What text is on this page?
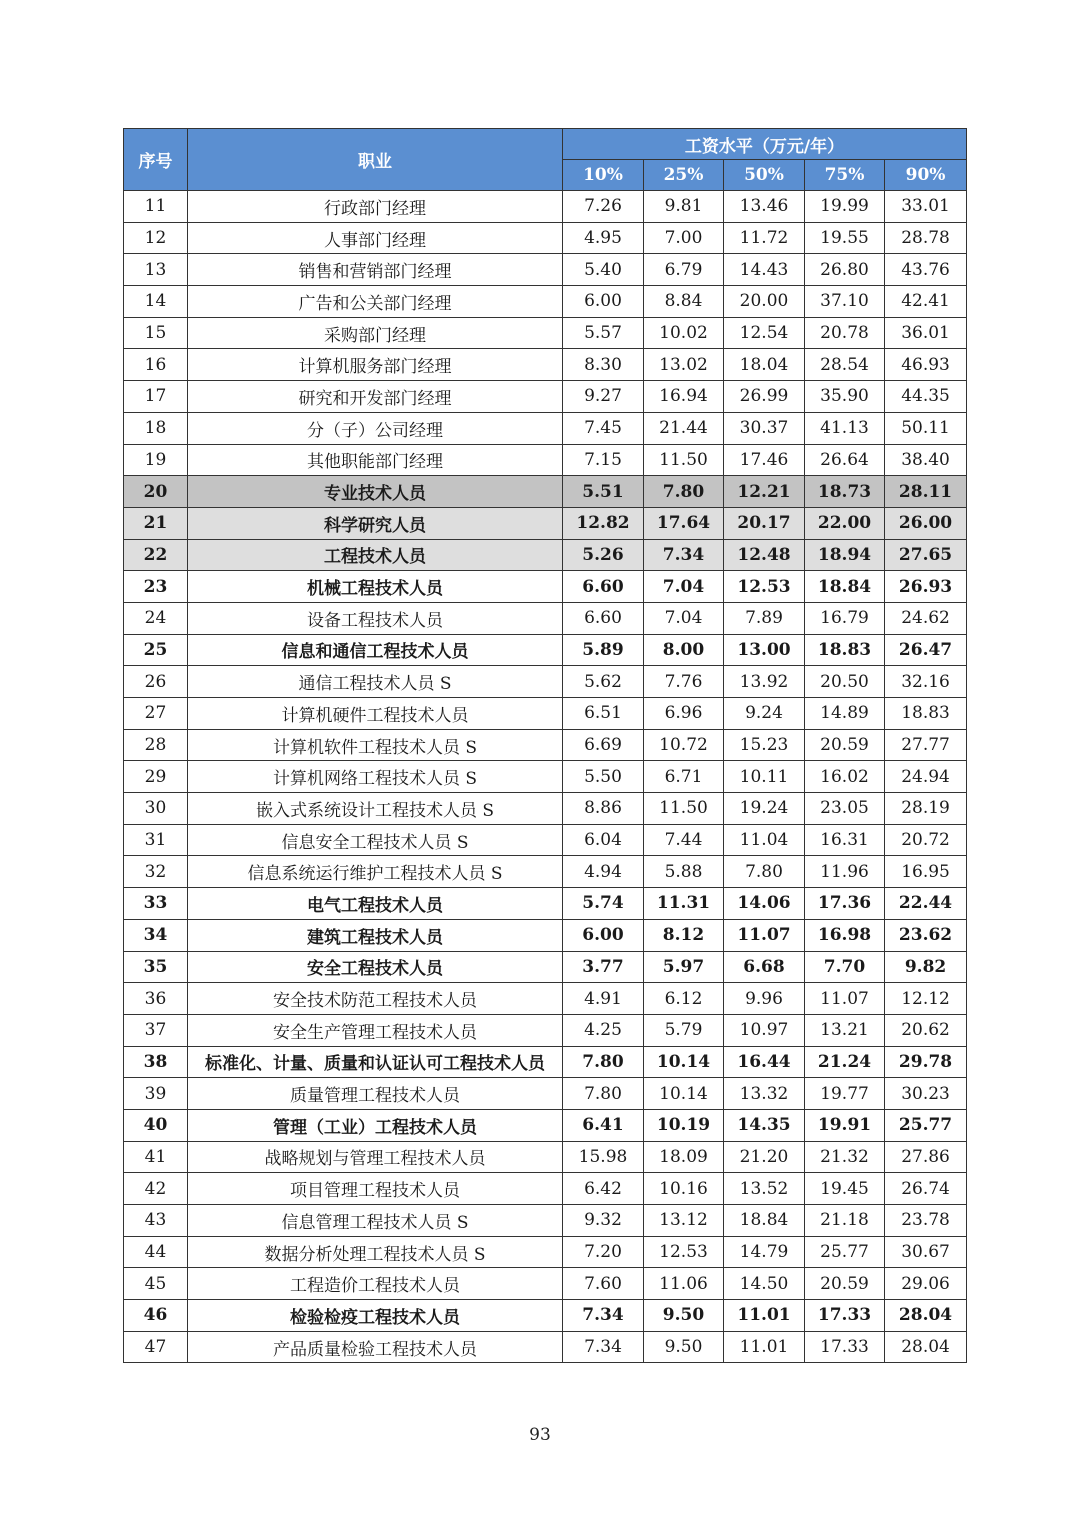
序号	职业	工资水平（万元/年）				
		10%	25%	50%	75%	90%
11	行政部门经理	7.26	9.81	13.46	19.99	33.01
12	人事部门经理	4.95	7.00	11.72	19.55	28.78
13	销售和营销部门经理	5.40	6.79	14.43	26.80	43.76
14	广告和公关部门经理	6.00	8.84	20.00	37.10	42.41
15	采购部门经理	5.57	10.02	12.54	20.78	36.01
16	计算机服务部门经理	8.30	13.02	18.04	28.54	46.93
17	研究和开发部门经理	9.27	16.94	26.99	35.90	44.35
18	分（子）公司经理	7.45	21.44	30.37	41.13	50.11
19	其他职能部门经理	7.15	11.50	17.46	26.64	38.40
20	专业技术人员	5.51	7.80	12.21	18.73	28.11
21	科学研究人员	12.82	17.64	20.17	22.00	26.00
22	工程技术人员	5.26	7.34	12.48	18.94	27.65
23	机械工程技术人员	6.60	7.04	12.53	18.84	26.93
24	设备工程技术人员	6.60	7.04	7.89	16.79	24.62
25	信息和通信工程技术人员	5.89	8.00	13.00	18.83	26.47
26	通信工程技术人员 S	5.62	7.76	13.92	20.50	32.16
27	计算机硬件工程技术人员	6.51	6.96	9.24	14.89	18.83
28	计算机软件工程技术人员 S	6.69	10.72	15.23	20.59	27.77
29	计算机网络工程技术人员 S	5.50	6.71	10.11	16.02	24.94
30	嵌入式系统设计工程技术人员 S	8.86	11.50	19.24	23.05	28.19
31	信息安全工程技术人员 S	6.04	7.44	11.04	16.31	20.72
32	信息系统运行维护工程技术人员 S	4.94	5.88	7.80	11.96	16.95
33	电气工程技术人员	5.74	11.31	14.06	17.36	22.44
34	建筑工程技术人员	6.00	8.12	11.07	16.98	23.62
35	安全工程技术人员	3.77	5.97	6.68	7.70	9.82
36	安全技术防范工程技术人员	4.91	6.12	9.96	11.07	12.12
37	安全生产管理工程技术人员	4.25	5.79	10.97	13.21	20.62
38	标准化、计量、质量和认证认可工程技术人员	7.80	10.14	16.44	21.24	29.78
39	质量管理工程技术人员	7.80	10.14	13.32	19.77	30.23
40	管理（工业）工程技术人员	6.41	10.19	14.35	19.91	25.77
41	战略规划与管理工程技术人员	15.98	18.09	21.20	21.32	27.86
42	项目管理工程技术人员	6.42	10.16	13.52	19.45	26.74
43	信息管理工程技术人员 S	9.32	13.12	18.84	21.18	23.78
44	数据分析处理工程技术人员 S	7.20	12.53	14.79	25.77	30.67
45	工程造价工程技术人员	7.60	11.06	14.50	20.59	29.06
46	检验检疫工程技术人员	7.34	9.50	11.01	17.33	28.04
47	产品质量检验工程技术人员	7.34	9.50	11.01	17.33	28.04
93
